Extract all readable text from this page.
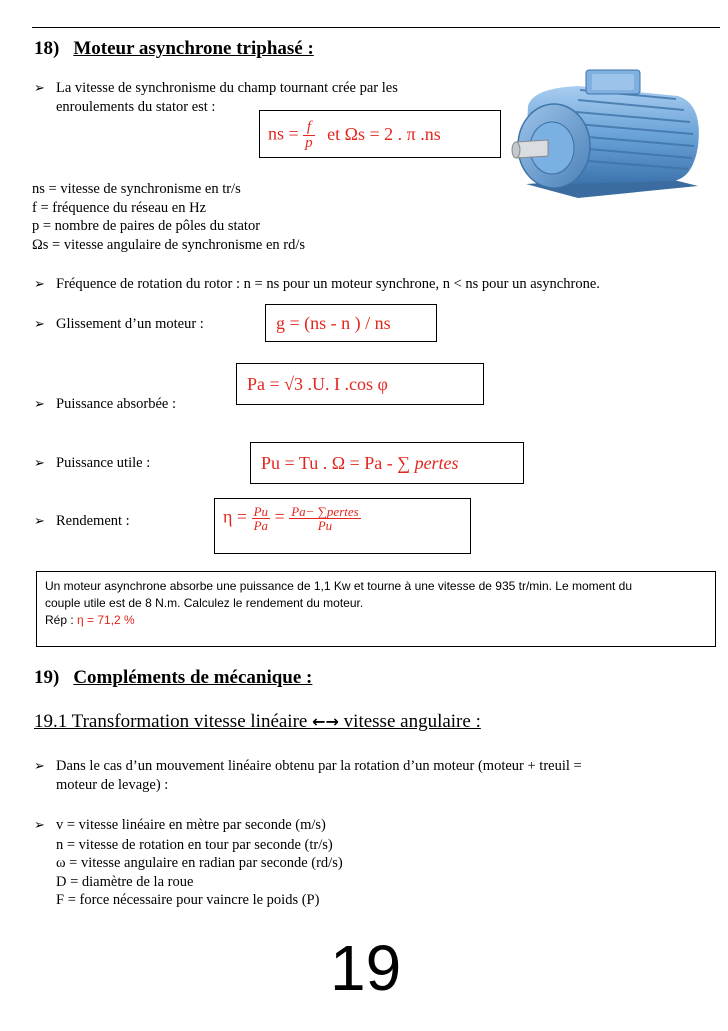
18) Moteur asynchrone triphasé :
➢La vitesse de synchronisme du champ tournant crée par les
enroulements du stator est :
ns = $\frac{f}{p}$ et Ωs = 2 . π .ns
ns = vitesse de synchronisme en tr/s
f = fréquence du réseau en Hz
p = nombre de paires de pôles du stator
Ωs = vitesse angulaire de synchronisme en rd/s
➢Fréquence de rotation du rotor : n = ns pour un moteur synchrone, n < ns pour un asynchrone.
➢Glissement d’un moteur :	g = (ns - n ) / ns
Pa = √3 .U. I .cos φ
➢Puissance absorbée :
➢Puissance utile :	Pu = Tu . Ω = Pa - ∑ pertes
➢Rendement :	$\eta = \frac{Pu}{Pa} = \frac{\text{Pa− ∑pertes}}{Pu}$
Un moteur asynchrone absorbe une puissance de 1,1 Kw et tourne à une vitesse de 935 tr/min. Le moment du
couple utile est de 8 N.m. Calculez le rendement du moteur.
Rép : η = 71,2 %
19) Compléments de mécanique :
19.1 Transformation vitesse linéaire ←→ vitesse angulaire :
➢Dans le cas d’un mouvement linéaire obtenu par la rotation d’un moteur (moteur + treuil =
moteur de levage) :
➢v = vitesse linéaire en mètre par seconde (m/s)
n = vitesse de rotation en tour par seconde (tr/s)
ω = vitesse angulaire en radian par seconde (rd/s)
D = diamètre de la roue
F = force nécessaire pour vaincre le poids (P)
19
